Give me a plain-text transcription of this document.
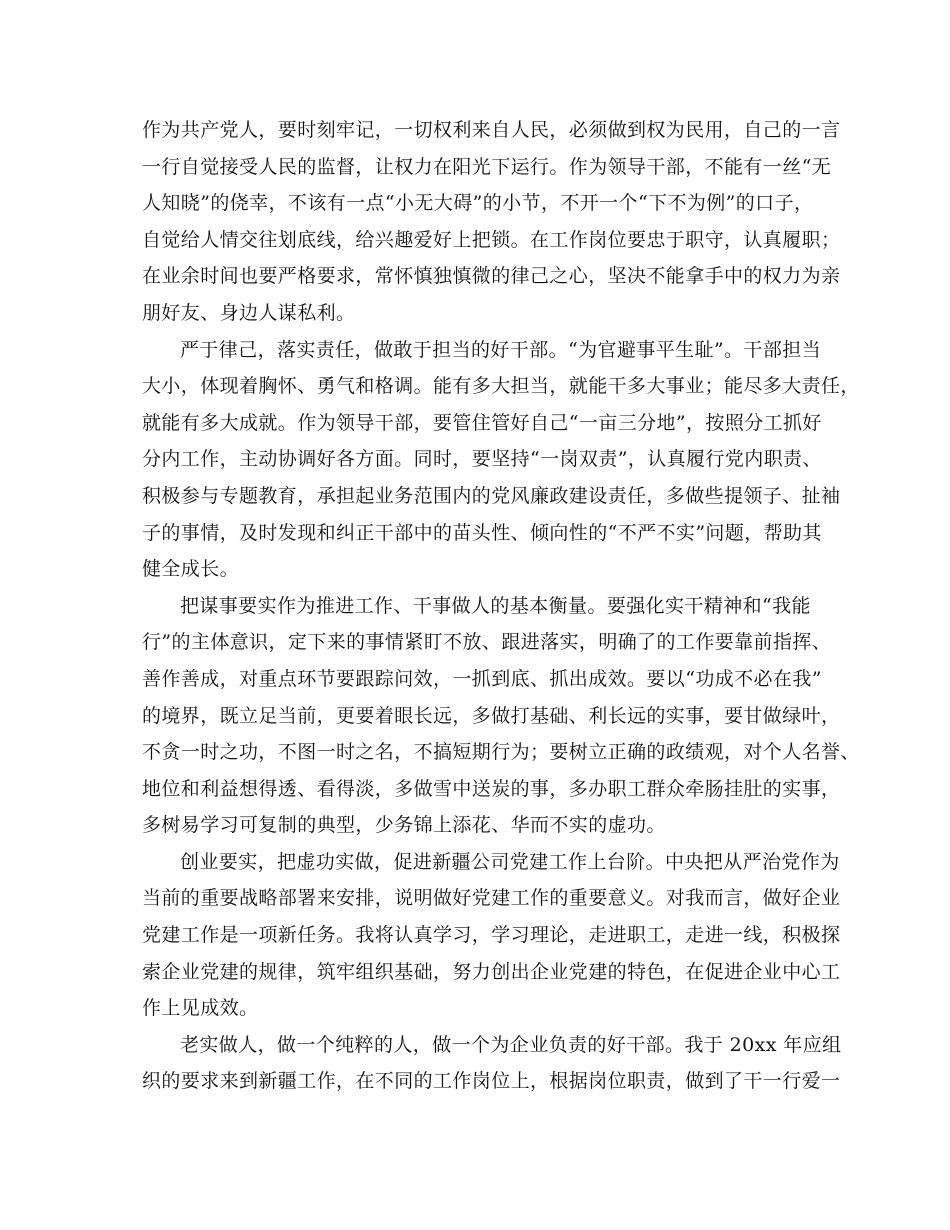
作为共产党人，要时刻牢记，一切权利来自人民，必须做到权为民用，自己的一言
一行自觉接受人民的监督，让权力在阳光下运行。作为领导干部，不能有一丝“无
人知晓”的侥幸，不该有一点“小无大碍”的小节，不开一个“下不为例”的口子，
自觉给人情交往划底线，给兴趣爱好上把锁。在工作岗位要忠于职守，认真履职；
在业余时间也要严格要求，常怀慎独慎微的律己之心，坚决不能拿手中的权力为亲
朋好友、身边人谋私利。
严于律己，落实责任，做敢于担当的好干部。“为官避事平生耻”。干部担当
大小，体现着胸怀、勇气和格调。能有多大担当，就能干多大事业；能尽多大责任，
就能有多大成就。作为领导干部，要管住管好自己“一亩三分地”，按照分工抓好
分内工作，主动协调好各方面。同时，要坚持“一岗双责”，认真履行党内职责、
积极参与专题教育，承担起业务范围内的党风廉政建设责任，多做些提领子、扯袖
子的事情，及时发现和纠正干部中的苗头性、倾向性的“不严不实”问题，帮助其
健全成长。
把谋事要实作为推进工作、干事做人的基本衡量。要强化实干精神和“我能
行”的主体意识，定下来的事情紧盯不放、跟进落实，明确了的工作要靠前指挥、
善作善成，对重点环节要跟踪问效，一抓到底、抓出成效。要以“功成不必在我”
的境界，既立足当前，更要着眼长远，多做打基础、利长远的实事，要甘做绿叶，
不贪一时之功，不图一时之名，不搞短期行为；要树立正确的政绩观，对个人名誉、
地位和利益想得透、看得淡，多做雪中送炭的事，多办职工群众牵肠挂肚的实事，
多树易学习可复制的典型，少务锦上添花、华而不实的虚功。
创业要实，把虚功实做，促进新疆公司党建工作上台阶。中央把从严治党作为
当前的重要战略部署来安排，说明做好党建工作的重要意义。对我而言，做好企业
党建工作是一项新任务。我将认真学习，学习理论，走进职工，走进一线，积极探
索企业党建的规律，筑牢组织基础，努力创出企业党建的特色，在促进企业中心工
作上见成效。
老实做人，做一个纯粹的人，做一个为企业负责的好干部。我于 20xx 年应组
织的要求来到新疆工作，在不同的工作岗位上，根据岗位职责，做到了干一行爱一
